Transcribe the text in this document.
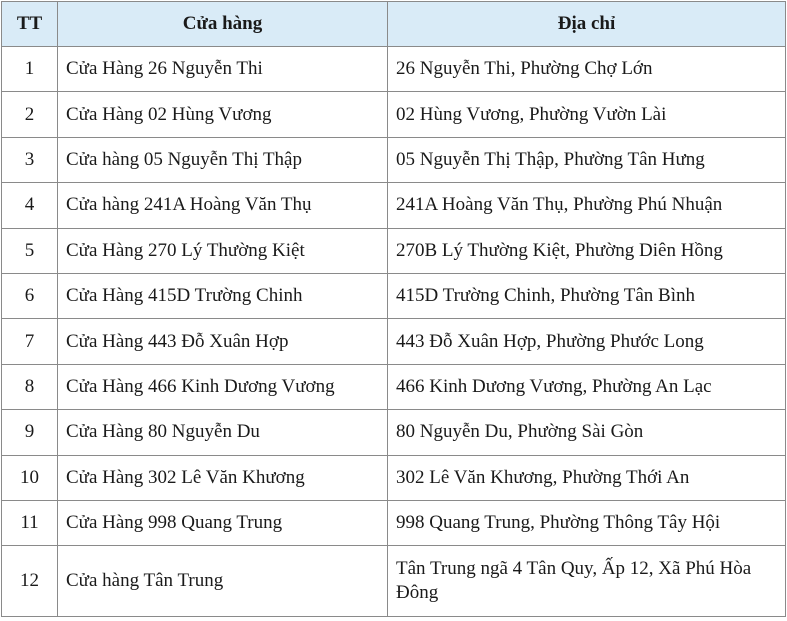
TT	Cửa hàng	Địa chỉ
1	Cửa Hàng 26 Nguyễn Thi	26 Nguyễn Thi, Phường Chợ Lớn
2	Cửa Hàng 02 Hùng Vương	02 Hùng Vương, Phường Vườn Lài
3	Cửa hàng 05 Nguyễn Thị Thập	05 Nguyễn Thị Thập, Phường Tân Hưng
4	Cửa hàng 241A Hoàng Văn Thụ	241A Hoàng Văn Thụ, Phường Phú Nhuận
5	Cửa Hàng 270 Lý Thường Kiệt	270B Lý Thường Kiệt, Phường Diên Hồng
6	Cửa Hàng 415D Trường Chinh	415D Trường Chinh, Phường Tân Bình
7	Cửa Hàng 443 Đỗ Xuân Hợp	443 Đỗ Xuân Hợp, Phường Phước Long
8	Cửa Hàng 466 Kinh Dương Vương	466 Kinh Dương Vương, Phường An Lạc
9	Cửa Hàng 80 Nguyễn Du	80 Nguyễn Du, Phường Sài Gòn
10	Cửa Hàng 302 Lê Văn Khương	302 Lê Văn Khương, Phường Thới An
11	Cửa Hàng 998 Quang Trung	998 Quang Trung, Phường Thông Tây Hội
12	Cửa hàng Tân Trung	Tân Trung ngã 4 Tân Quy, Ấp 12, Xã Phú Hòa Đông
